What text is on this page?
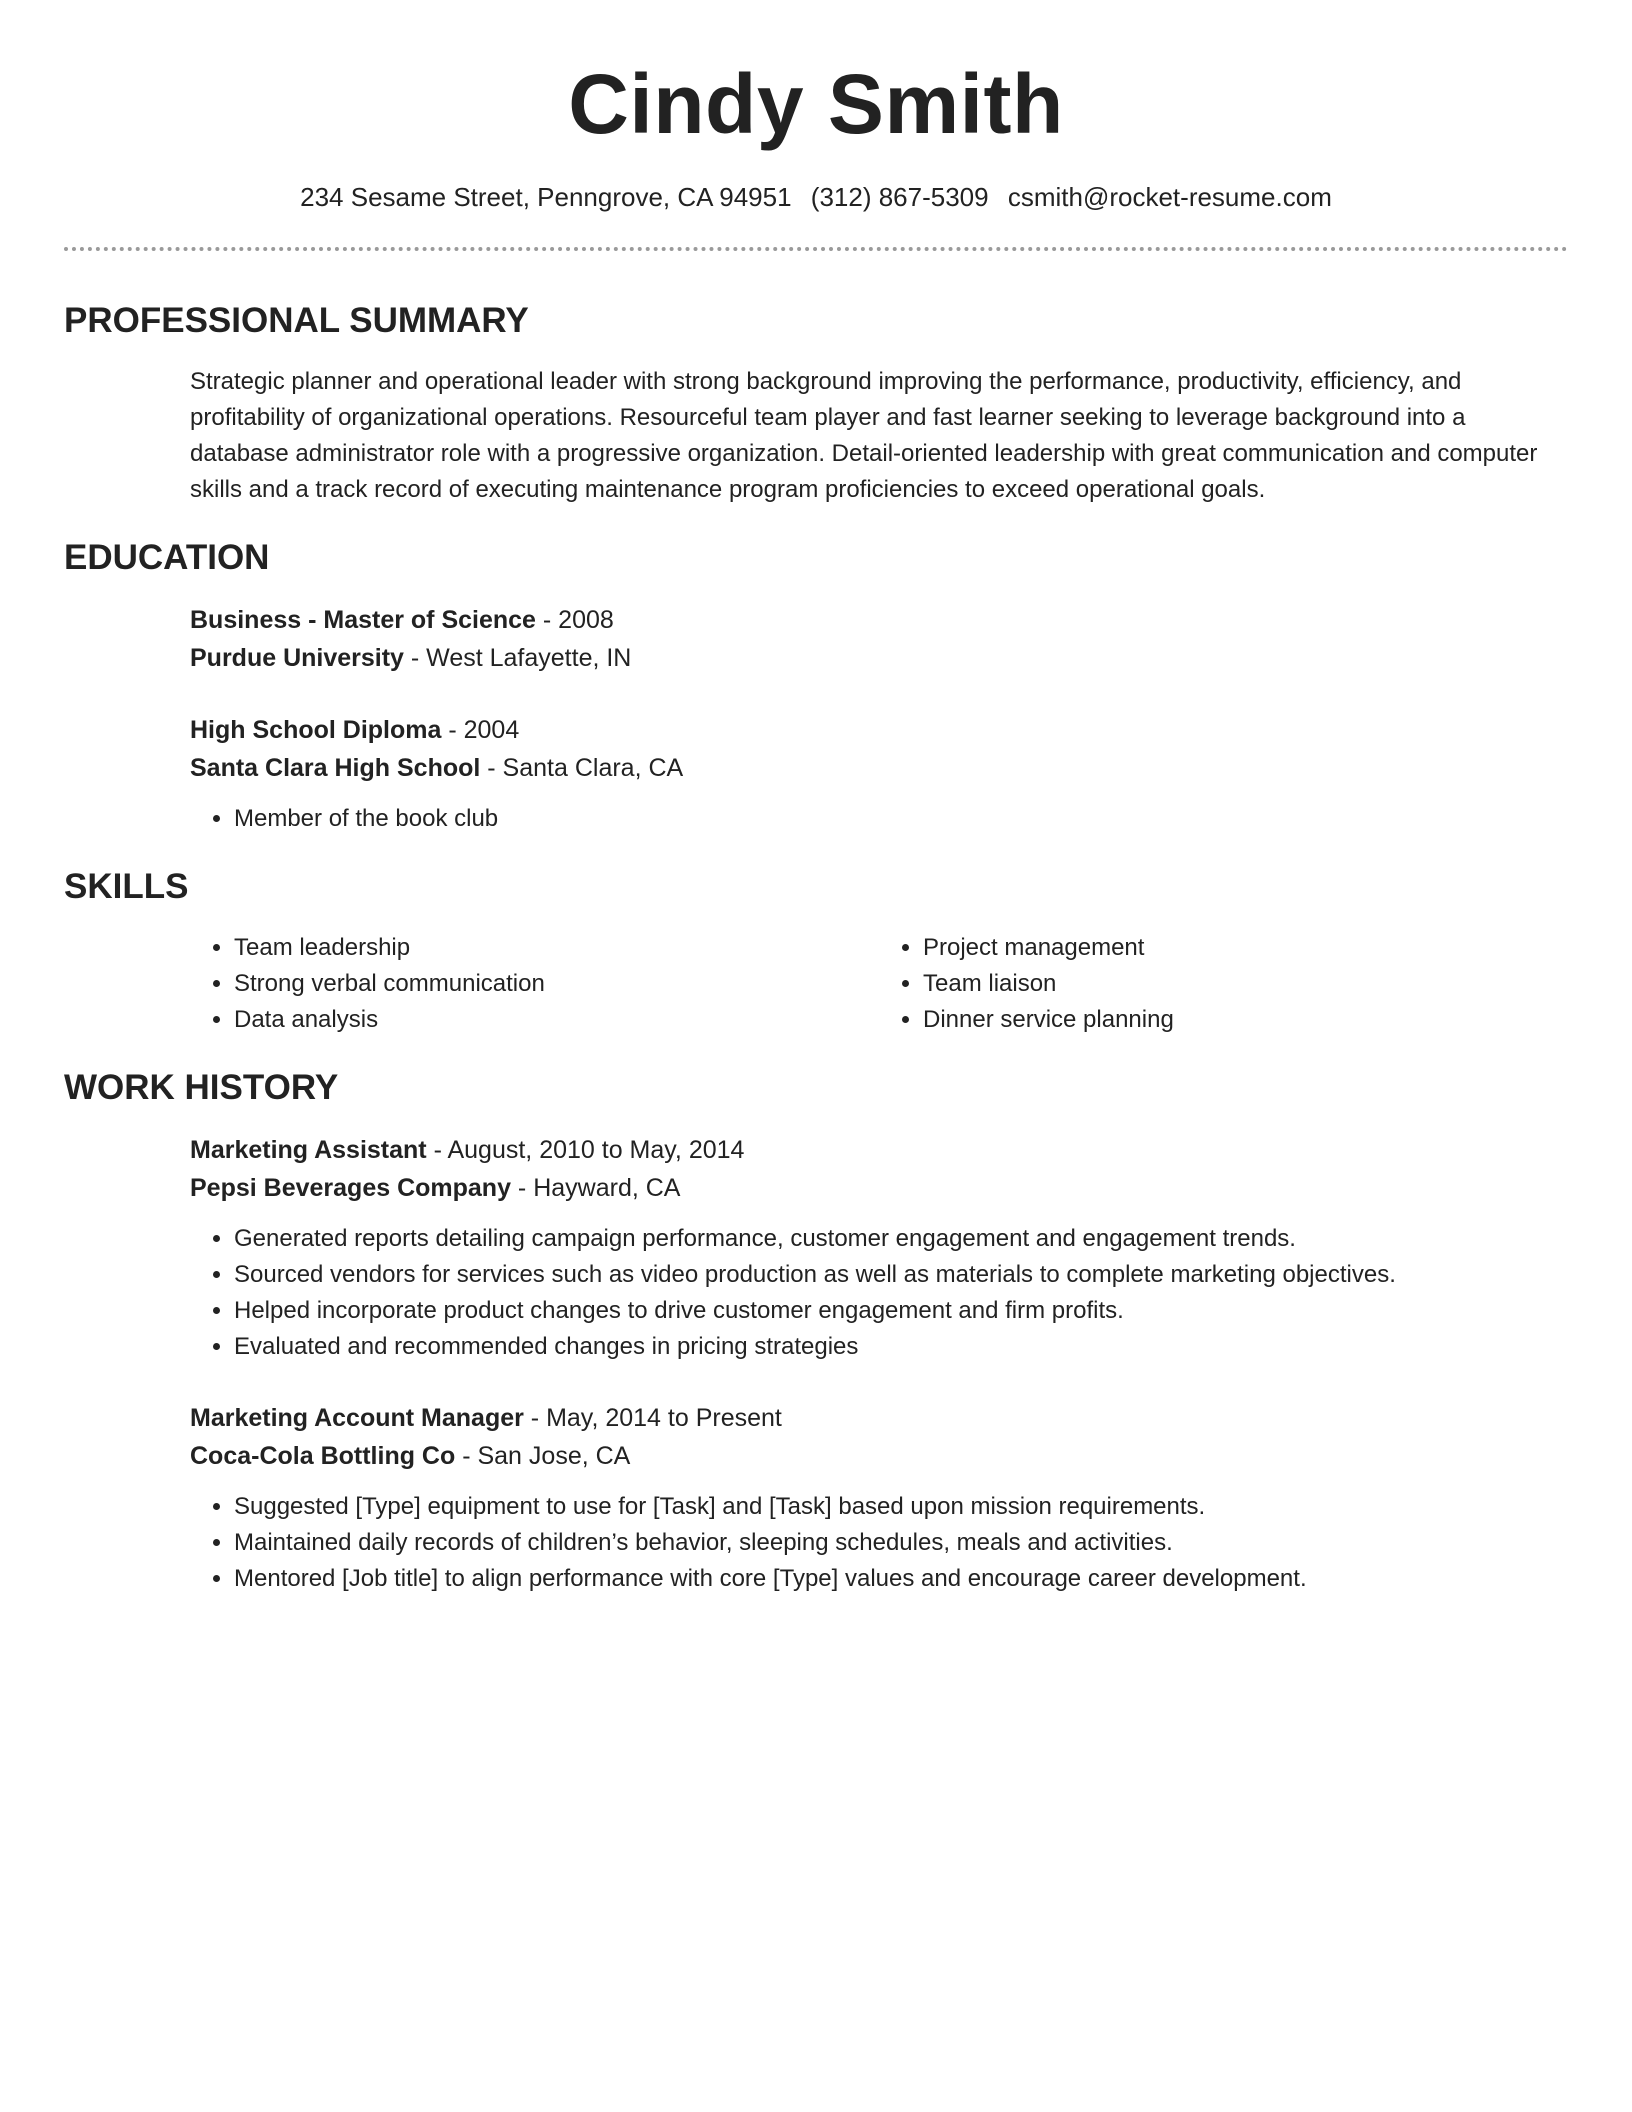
Cindy Smith
234 Sesame Street, Penngrove, CA 94951 (312) 867-5309 csmith@rocket-resume.com
PROFESSIONAL SUMMARY
Strategic planner and operational leader with strong background improving the performance, productivity, efficiency, and profitability of organizational operations. Resourceful team player and fast learner seeking to leverage background into a database administrator role with a progressive organization. Detail-oriented leadership with great communication and computer skills and a track record of executing maintenance program proficiencies to exceed operational goals.
EDUCATION
Business - Master of Science - 2008
Purdue University - West Lafayette, IN
High School Diploma - 2004
Santa Clara High School - Santa Clara, CA
• Member of the book club
SKILLS
• Team leadership
• Strong verbal communication
• Data analysis
• Project management
• Team liaison
• Dinner service planning
WORK HISTORY
Marketing Assistant - August, 2010 to May, 2014
Pepsi Beverages Company - Hayward, CA
• Generated reports detailing campaign performance, customer engagement and engagement trends.
• Sourced vendors for services such as video production as well as materials to complete marketing objectives.
• Helped incorporate product changes to drive customer engagement and firm profits.
• Evaluated and recommended changes in pricing strategies
Marketing Account Manager - May, 2014 to Present
Coca-Cola Bottling Co - San Jose, CA
• Suggested [Type] equipment to use for [Task] and [Task] based upon mission requirements.
• Maintained daily records of children’s behavior, sleeping schedules, meals and activities.
• Mentored [Job title] to align performance with core [Type] values and encourage career development.
